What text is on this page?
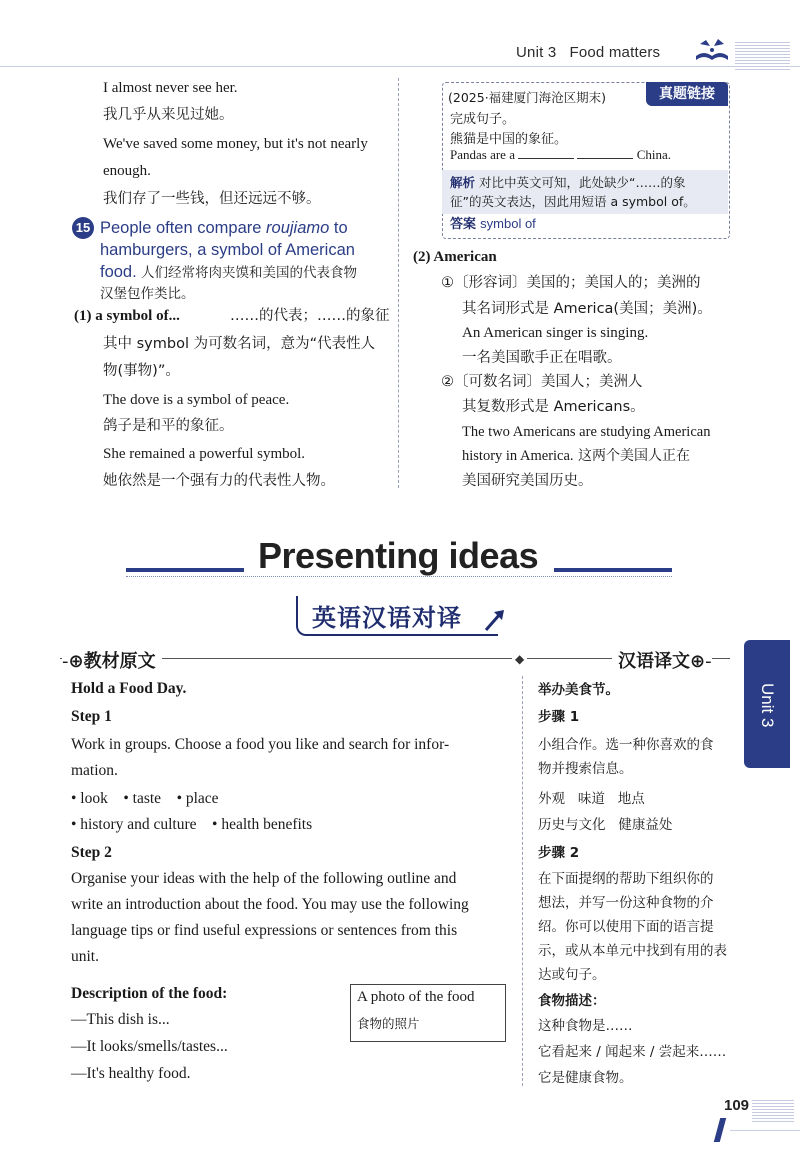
Unit 3   Food matters
I almost never see her.
我几乎从来见过她。
We've saved some money, but it's not nearly
enough.
我们存了一些钱，但还远远不够。
15 People often compare roujiamo to
hamburgers, a symbol of American
food. 人们经常将肉夹馍和美国的代表食物
汉堡包作类比。
(1) a symbol of...	……的代表；……的象征
其中 symbol 为可数名词，意为“代表性人
物(事物)”。
The dove is a symbol of peace.
鸽子是和平的象征。
She remained a powerful symbol.
她依然是一个强有力的代表性人物。
真题链接
(2025·福建厦门海沧区期末)
完成句子。
熊猫是中国的象征。
Pandas are a	China.
解析 对比中英文可知，此处缺少“……的象
征”的英文表达，因此用短语 a symbol of。
答案 symbol of
(2) American
①〔形容词〕美国的；美国人的；美洲的
其名词形式是 America(美国；美洲)。
An American singer is singing.
一名美国歌手正在唱歌。
②〔可数名词〕美国人；美洲人
其复数形式是 Americans。
The two Americans are studying American
history in America. 这两个美国人正在
美国研究美国历史。
Presenting ideas
英语汉语对译
-⊕教材原文	◆	汉语译文⊕-
Unit 3
Hold a Food Day.
Step 1
Work in groups. Choose a food you like and search for infor-
mation.
• look    • taste    • place
• history and culture    • health benefits
Step 2
Organise your ideas with the help of the following outline and
write an introduction about the food. You may use the following
language tips or find useful expressions or sentences from this
unit.
Description of the food:
—This dish is...
—It looks/smells/tastes...
—It's healthy food.
A photo of the food
食物的照片
举办美食节。
步骤 1
小组合作。选一种你喜欢的食
物并搜索信息。
外观   味道   地点
历史与文化   健康益处
步骤 2
在下面提纲的帮助下组织你的
想法，并写一份这种食物的介
绍。你可以使用下面的语言提
示，或从本单元中找到有用的表
达或句子。
食物描述：
这种食物是……
它看起来 / 闻起来 / 尝起来……
它是健康食物。
109
